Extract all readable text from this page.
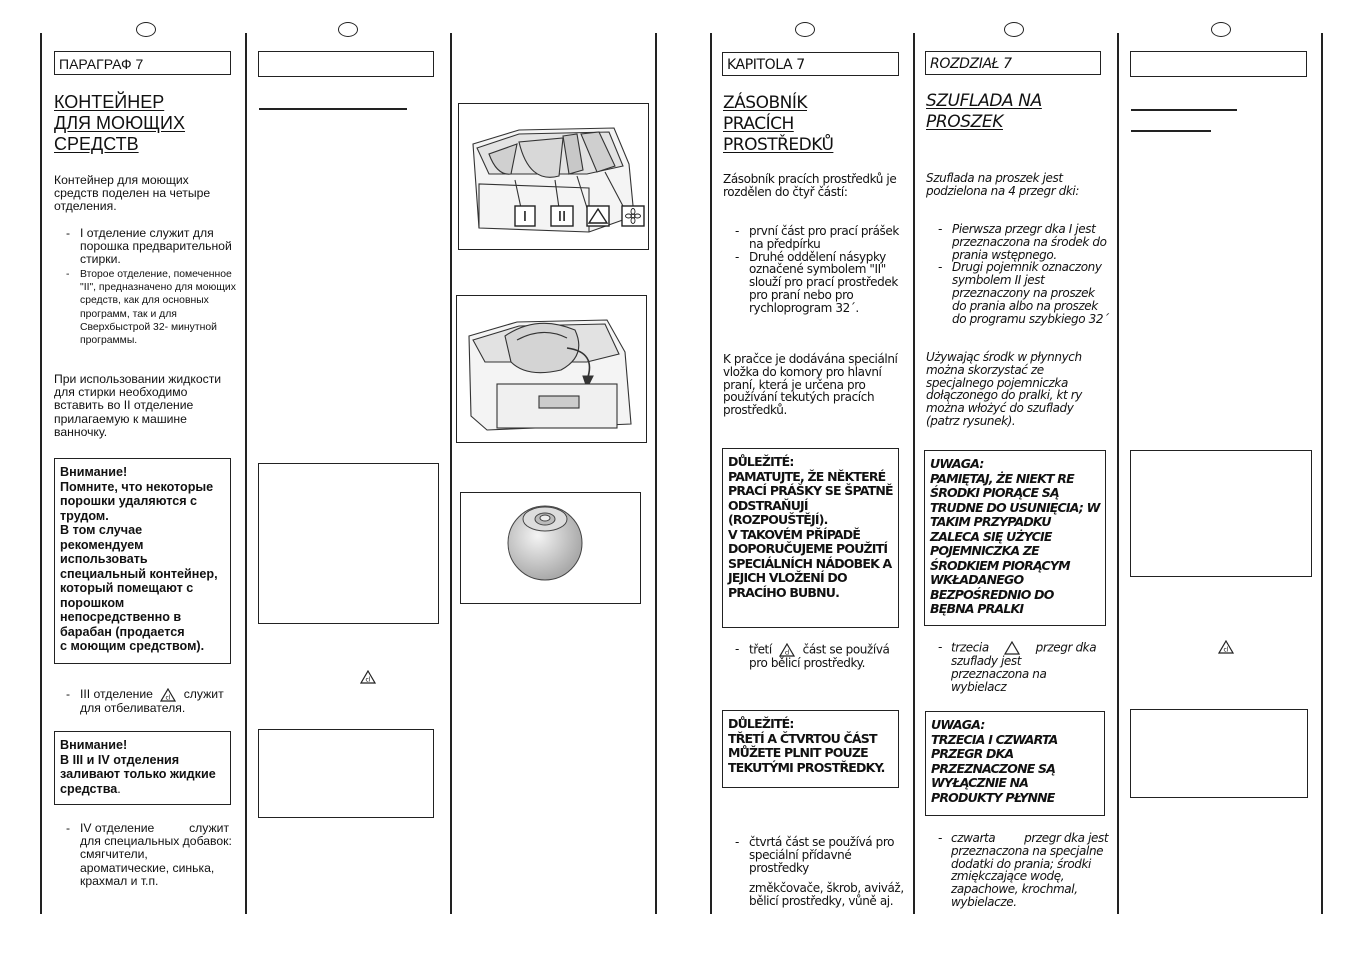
ПАРАГРАФ 7
КОНТЕЙНЕР
ДЛЯ МОЮЩИХ
СРЕДСТВ
Контейнер для моющих средств поделен на четыре отделения.
- I отделение служит для порошка предварительной стирки.
- Второе отделение, помеченное "II", предназначено для моющих средств, как для основных программ, так и для Сверхбыстрой 32- минутной программы.
При использовании жидкости для стирки необходимо вставить во II отделение прилагаемую к машине ванночку.
Внимание!
Помните, что некоторые порошки удаляются с трудом.
В том случае рекомендуем использовать специальный контейнер, который помещают с порошком непосредственно в барабан (продается
с моющим средством).
- III отделение cl служит для отбеливателя.
Внимание!
В III и IV отделения заливают только жидкие средства.
- IV отделение	служит для специальных добавок: смягчители, ароматические, синька, крахмал и т.п.
cl
I II
KAPITOLA 7
ZÁSOBNÍK
PRACÍCH
PROSTŘEDKŮ
Zásobník pracích prostředků je rozdělen do čtyř částí:
- první část pro prací prášek na předpírku
- Druhé oddělení násypky označené symbolem "II" slouží pro prací prostředek pro praní nebo pro rychloprogram 32´.
K pračce je dodávána speciální vložka do komory pro hlavní praní, která je určena pro používání tekutých pracích prostředků.
DŮLEŽITÉ:
PAMATUJTE, ŽE NĚKTERÉ PRACÍ PRÁŠKY SE ŠPATNĚ ODSTRAŇUJÍ (ROZPOUŠTĚJÍ).
V TAKOVÉM PŘÍPADĚ DOPORUČUJEME POUŽITÍ SPECIÁLNÍCH NÁDOBEK A JEJICH VLOŽENÍ DO PRACÍHO BUBNU.
- třetí cl část se používá pro bělicí prostředky.
DŮLEŽITÉ:
TŘETÍ A ČTVRTOU ČÁST MŮŽETE PLNIT POUZE TEKUTÝMI PROSTŘEDKY.
- čtvrtá část se používá pro speciální přídavné prostředky
změkčovače, škrob, aviváž, bělicí prostředky, vůně aj.
ROZDZIAŁ 7
SZUFLADA NA
PROSZEK
Szuflada na proszek jest podzielona na 4 przegr dki:
- Pierwsza przegr dka I jest przeznaczona na środek do prania wstępnego.
- Drugi pojemnik oznaczony symbolem II jest przeznaczony na proszek do prania albo na proszek do programu szybkiego 32´
Używając środk w płynnych można skorzystać ze specjalnego pojemniczka dołączonego do pralki, kt ry można włożyć do szuflady (patrz rysunek).
UWAGA:
PAMIĘTAJ, ŻE NIEKT RE ŚRODKI PIORĄCE SĄ TRUDNE DO USUNIĘCIA; W TAKIM PRZYPADKU ZALECA SIĘ UŻYCIE POJEMNICZKA ZE ŚRODKIEM PIORĄCYM WKŁADANEGO BEZPOŚREDNIO DO BĘBNA PRALKI
- trzecia	przegr dka
szuflady jest przeznaczona na wybielacz
UWAGA:
TRZECIA I CZWARTA PRZEGR DKA PRZEZNACZONE SĄ WYŁĄCZNIE NA PRODUKTY PŁYNNE
- czwarta przegr dka jest przeznaczona na specjalne dodatki do prania; środki zmiękczające wodę, zapachowe, krochmal, wybielacze.
cl
